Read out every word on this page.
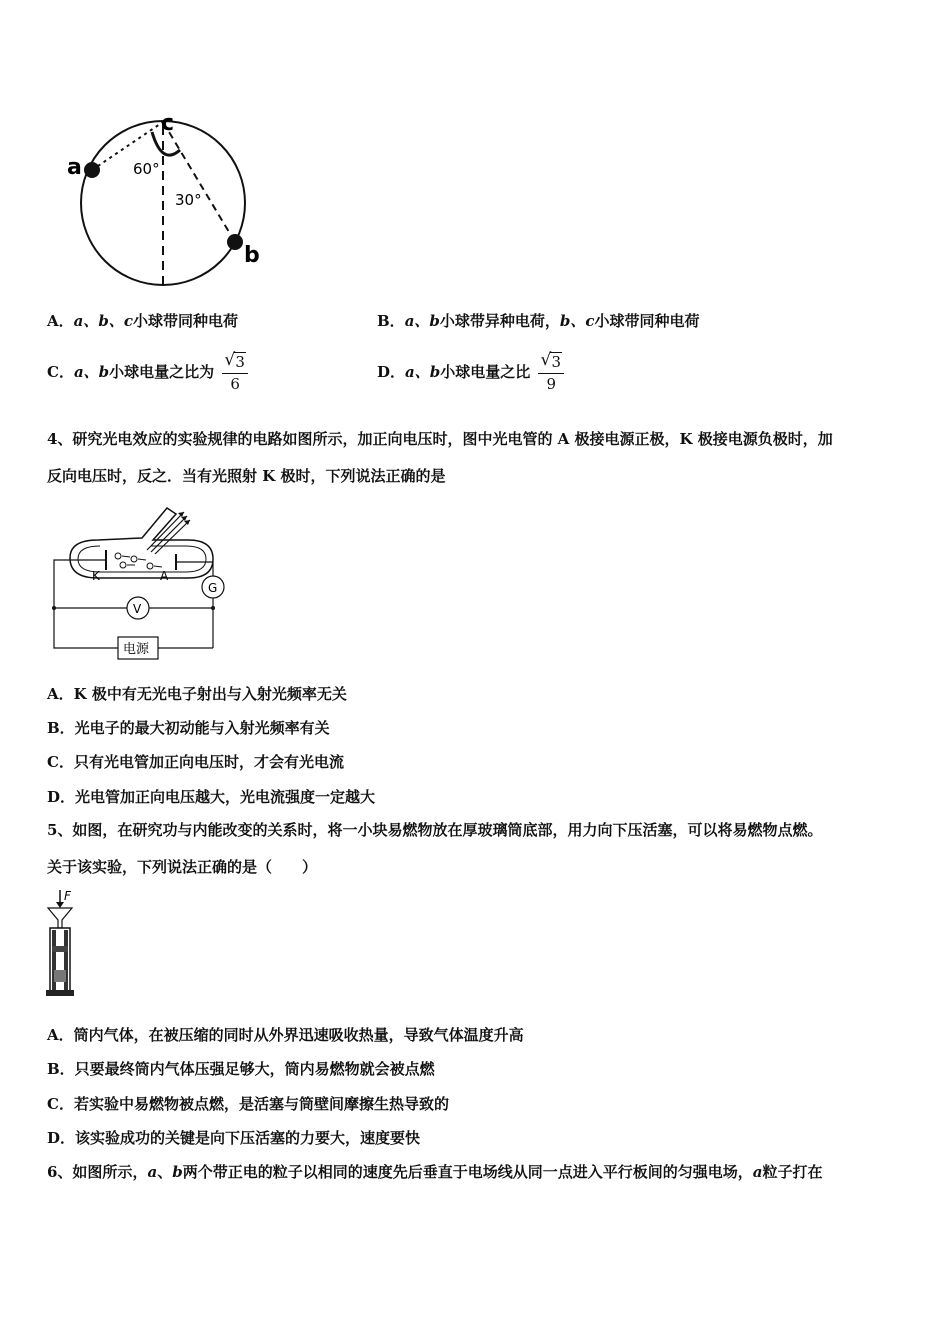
a
c
b
60°
30°
A．a、b、c小球带同种电荷	B．a、b小球带异种电荷，b、c小球带同种电荷
C．a、b小球电量之比为 $\frac{√ 3}{6}$	D．a、b小球电量之比 $\frac{√ 3}{9}$
4、研究光电效应的实验规律的电路如图所示，加正向电压时，图中光电管的 A 极接电源正极，K 极接电源负极时，加
反向电压时，反之．当有光照射 K 极时，下列说法正确的是
K	A
G
V
电源
A．K 极中有无光电子射出与入射光频率无关
B．光电子的最大初动能与入射光频率有关
C．只有光电管加正向电压时，才会有光电流
D．光电管加正向电压越大，光电流强度一定越大
5、如图，在研究功与内能改变的关系时，将一小块易燃物放在厚玻璃筒底部，用力向下压活塞，可以将易燃物点燃。
关于该实验，下列说法正确的是（　　）
F
A．筒内气体，在被压缩的同时从外界迅速吸收热量，导致气体温度升高
B．只要最终筒内气体压强足够大，筒内易燃物就会被点燃
C．若实验中易燃物被点燃，是活塞与筒壁间摩擦生热导致的
D．该实验成功的关键是向下压活塞的力要大，速度要快
6、如图所示，a、b两个带正电的粒子以相同的速度先后垂直于电场线从同一点进入平行板间的匀强电场，a粒子打在
